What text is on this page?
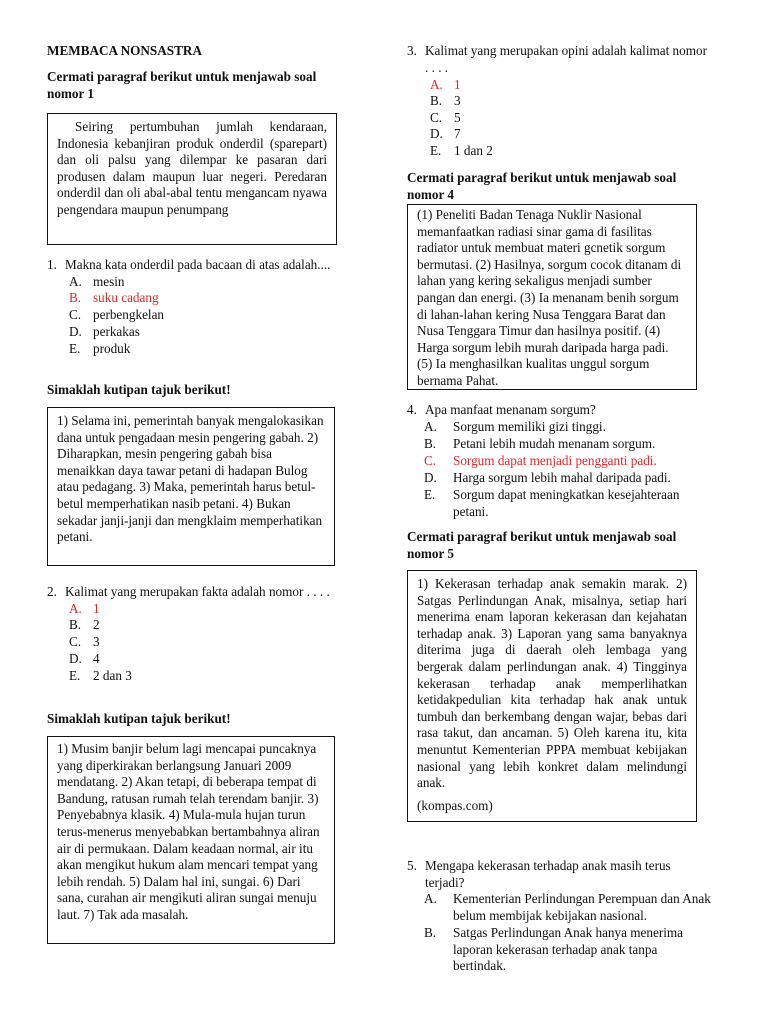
MEMBACA NONSASTRA
Cermati paragraf berikut untuk menjawab soal nomor 1
Seiring pertumbuhan jumlah kendaraan, Indonesia kebanjiran produk onderdil (sparepart) dan oli palsu yang dilempar ke pasaran dari produsen dalam maupun luar negeri. Peredaran onderdil dan oli abal-abal tentu mengancam nyawa pengendara maupun penumpang
1. Makna kata onderdil pada bacaan di atas adalah....
A. mesin
B. suku cadang
C. perbengkelan
D. perkakas
E. produk
Simaklah kutipan tajuk berikut!
1) Selama ini, pemerintah banyak mengalokasikan dana untuk pengadaan mesin pengering gabah. 2) Diharapkan, mesin pengering gabah bisa menaikkan daya tawar petani di hadapan Bulog atau pedagang. 3) Maka, pemerintah harus betul-betul memperhatikan nasib petani. 4) Bukan sekadar janji-janji dan mengklaim memperhatikan petani.
2. Kalimat yang merupakan fakta adalah nomor . . . .
A. 1
B. 2
C. 3
D. 4
E. 2 dan 3
Simaklah kutipan tajuk berikut!
1) Musim banjir belum lagi mencapai puncaknya yang diperkirakan berlangsung Januari 2009 mendatang. 2) Akan tetapi, di beberapa tempat di Bandung, ratusan rumah telah terendam banjir. 3) Penyebabnya klasik. 4) Mula-mula hujan turun terus-menerus menyebabkan bertambahnya aliran air di permukaan. Dalam keadaan normal, air itu akan mengikut hukum alam mencari tempat yang lebih rendah. 5) Dalam hal ini, sungai. 6) Dari sana, curahan air mengikuti aliran sungai menuju laut. 7) Tak ada masalah.
3. Kalimat yang merupakan opini adalah kalimat nomor . . . .
A. 1
B. 3
C. 5
D. 7
E. 1 dan 2
Cermati paragraf berikut untuk menjawab soal nomor 4
(1) Peneliti Badan Tenaga Nuklir Nasional memanfaatkan radiasi sinar gama di fasilitas radiator untuk membuat materi gcnetik sorgum bermutasi. (2) Hasilnya, sorgum cocok ditanam di lahan yang kering sekaligus menjadi sumber pangan dan energi. (3) Ia menanam benih sorgum di lahan-lahan kering Nusa Tenggara Barat dan Nusa Tenggara Timur dan hasilnya positif. (4) Harga sorgum lebih murah daripada harga padi. (5) Ia menghasilkan kualitas unggul sorgum bernama Pahat.
4. Apa manfaat menanam sorgum?
A. Sorgum memiliki gizi tinggi.
B. Petani lebih mudah menanam sorgum.
C. Sorgum dapat menjadi pengganti padi.
D. Harga sorgum lebih mahal daripada padi.
E. Sorgum dapat meningkatkan kesejahteraan petani.
Cermati paragraf berikut untuk menjawab soal nomor 5

1) Kekerasan terhadap anak semakin marak. 2) Satgas Perlindungan Anak, misalnya, setiap hari menerima enam laporan kekerasan dan kejahatan terhadap anak. 3) Laporan yang sama banyaknya diterima juga di daerah oleh lembaga yang bergerak dalam perlindungan anak. 4) Tingginya kekerasan terhadap anak memperlihatkan ketidakpedulian kita terhadap hak anak untuk tumbuh dan berkembang dengan wajar, bebas dari rasa takut, dan ancaman. 5) Oleh karena itu, kita menuntut Kementerian PPPA membuat kebijakan nasional yang lebih konkret dalam melindungi anak.

(kompas.com)

5. Mengapa kekerasan terhadap anak masih terus terjadi?
A. Kementerian Perlindungan Perempuan dan Anak belum membijak kebijakan nasional.
B. Satgas Perlindungan Anak hanya menerima laporan kekerasan terhadap anak tanpa bertindak.
